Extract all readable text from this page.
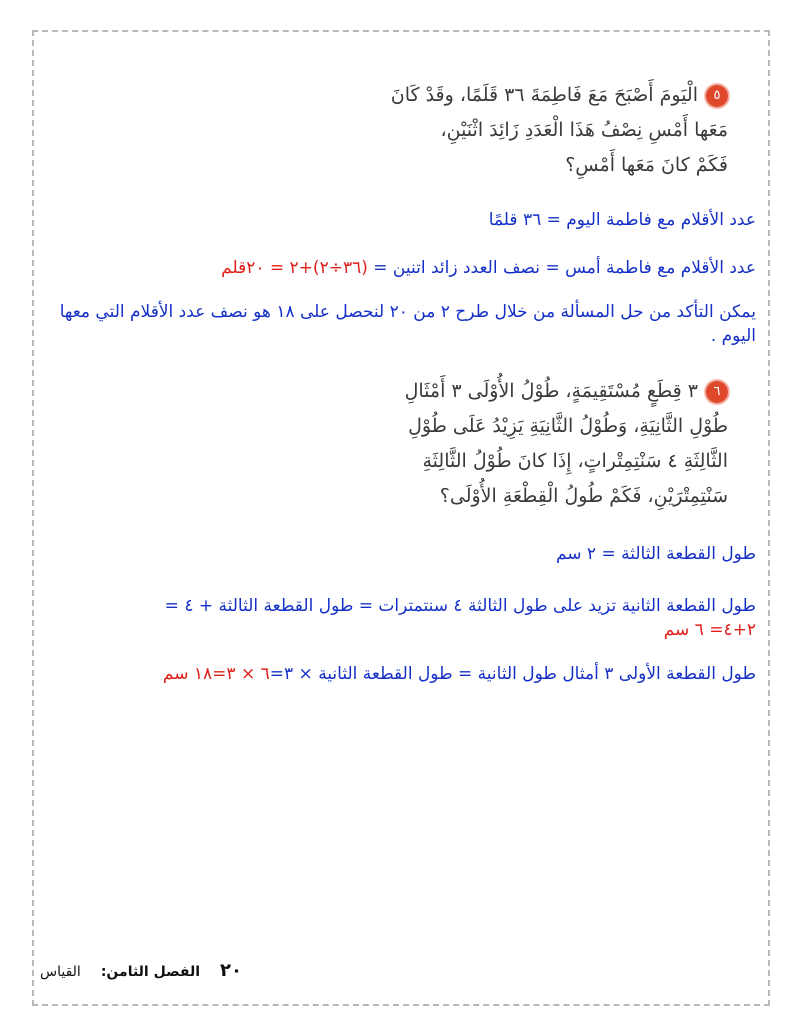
٥الْيَومَ أَصْبَحَ مَعَ فَاطِمَةَ ٣٦ قَلَمًا، وقَدْ كَانَ
مَعَها أَمْسِ نِصْفُ هَذَا الْعَدَدِ زَائِدَ اثْنَيْنِ،
فَكَمْ كانَ مَعَها أَمْسِ؟
عدد الأقلام مع فاطمة اليوم = ٣٦ قلمًا
عدد الأقلام مع فاطمة أمس = نصف العدد زائد اتنين = (٣٦÷٢)+٢ = ٢٠قلم
يمكن التأكد من حل المسألة من خلال طرح ٢ من ٢٠ لنحصل على ١٨ هو نصف عدد الأقلام التي معها اليوم .
٦٣ قِطَعٍ مُسْتَقِيمَةٍ، طُوْلُ الأُوْلَى ٣ أَمْثَالِ
طُوْلِ الثَّانِيَةِ، وَطُوْلُ الثَّانِيَةِ يَزِيْدُ عَلَى طُوْلِ
الثَّالِثَةِ ٤ سَنْتِمِتْراتٍ، إِذَا كانَ طُوْلُ الثَّالِثَةِ
سَنْتِمِتْرَيْنِ، فَكَمْ طُولُ الْقِطْعَةِ الأُوْلَى؟
طول القطعة الثالثة = ٢ سم
طول القطعة الثانية تزيد على طول الثالثة ٤ سنتمترات = طول القطعة الثالثة + ٤ =
٢+٤= ٦ سم
طول القطعة الأولى ٣ أمثال طول الثانية = طول القطعة الثانية × ٣=٦ × ٣=١٨ سم
٢٠
الفصل الثامن:
القياس
